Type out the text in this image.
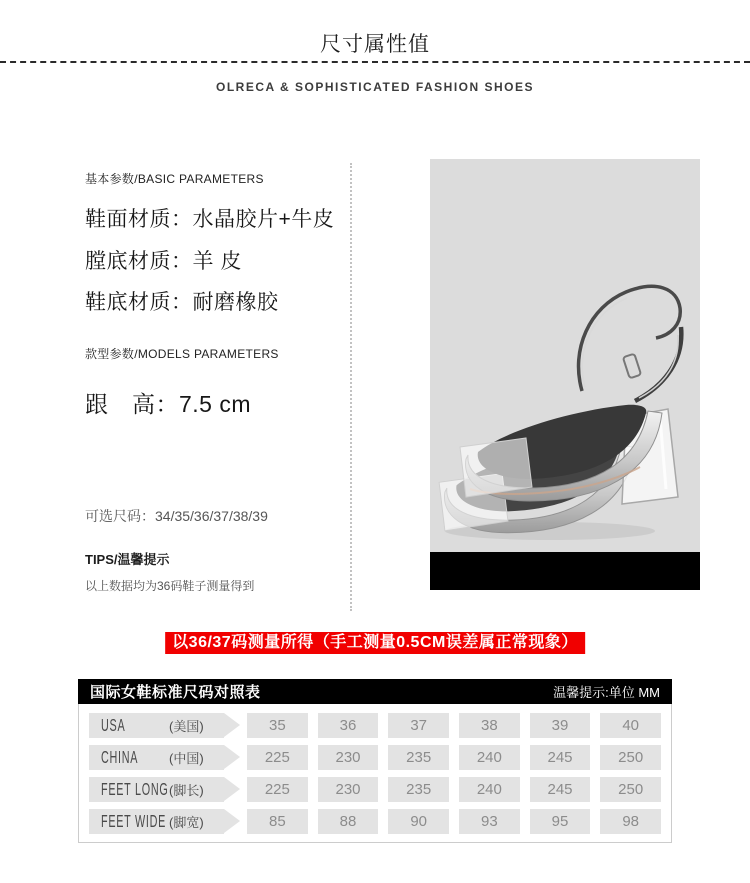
尺寸属性值
OLRECA & SOPHISTICATED FASHION SHOES
基本参数/BASIC PARAMETERS
鞋面材质：水晶胶片+牛皮
膛底材质：羊 皮
鞋底材质：耐磨橡胶
款型参数/MODELS PARAMETERS
跟　高：7.5 cm
可选尺码：34/35/36/37/38/39
TIPS/温馨提示
以上数据均为36码鞋子测量得到
以36/37码测量所得（手工测量0.5CM误差属正常现象）
国际女鞋标准尺码对照表	温馨提示:单位 MM
USA	(美国)	35	36	37	38	39	40
CHINA	(中国)	225	230	235	240	245	250
FEET LONG (脚长)	225	230	235	240	245	250
FEET WIDE (脚宽)	85	88	90	93	95	98
